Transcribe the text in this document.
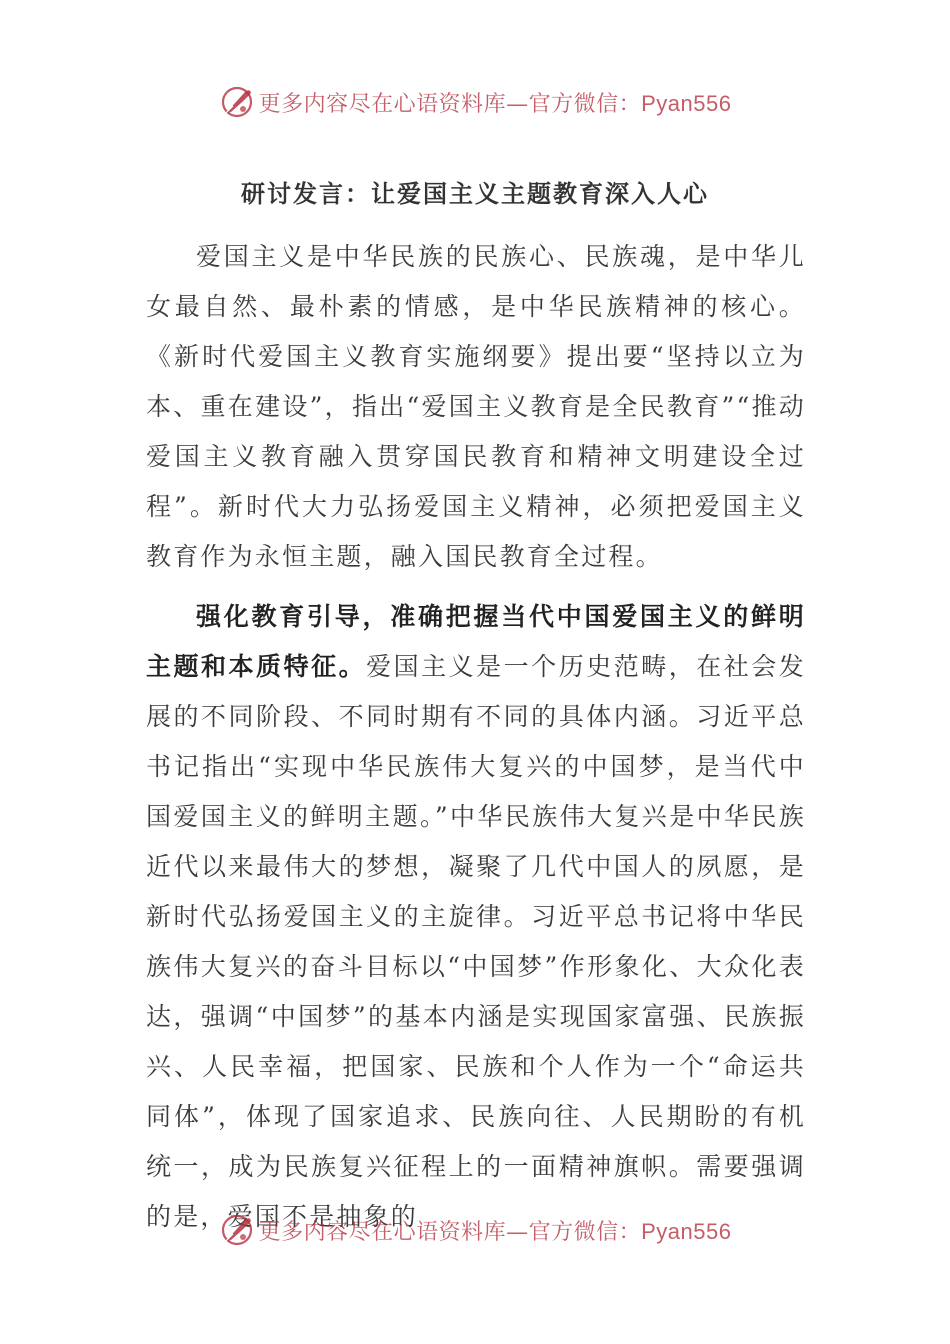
更多内容尽在心语资料库—官方微信：Pyan556
研讨发言：让爱国主义主题教育深入人心
爱国主义是中华民族的民族心、民族魂，是中华儿女最自然、最朴素的情感，是中华民族精神的核心。《新时代爱国主义教育实施纲要》提出要“坚持以立为本、重在建设”，指出“爱国主义教育是全民教育”“推动爱国主义教育融入贯穿国民教育和精神文明建设全过程”。新时代大力弘扬爱国主义精神，必须把爱国主义教育作为永恒主题，融入国民教育全过程。
强化教育引导，准确把握当代中国爱国主义的鲜明主题和本质特征。爱国主义是一个历史范畴，在社会发展的不同阶段、不同时期有不同的具体内涵。习近平总书记指出“实现中华民族伟大复兴的中国梦，是当代中国爱国主义的鲜明主题。”中华民族伟大复兴是中华民族近代以来最伟大的梦想，凝聚了几代中国人的夙愿，是新时代弘扬爱国主义的主旋律。习近平总书记将中华民族伟大复兴的奋斗目标以“中国梦”作形象化、大众化表达，强调“中国梦”的基本内涵是实现国家富强、民族振兴、人民幸福，把国家、民族和个人作为一个“命运共同体”，体现了国家追求、民族向往、人民期盼的有机统一，成为民族复兴征程上的一面精神旗帜。需要强调的是，爱国不是抽象的
更多内容尽在心语资料库—官方微信：Pyan556
